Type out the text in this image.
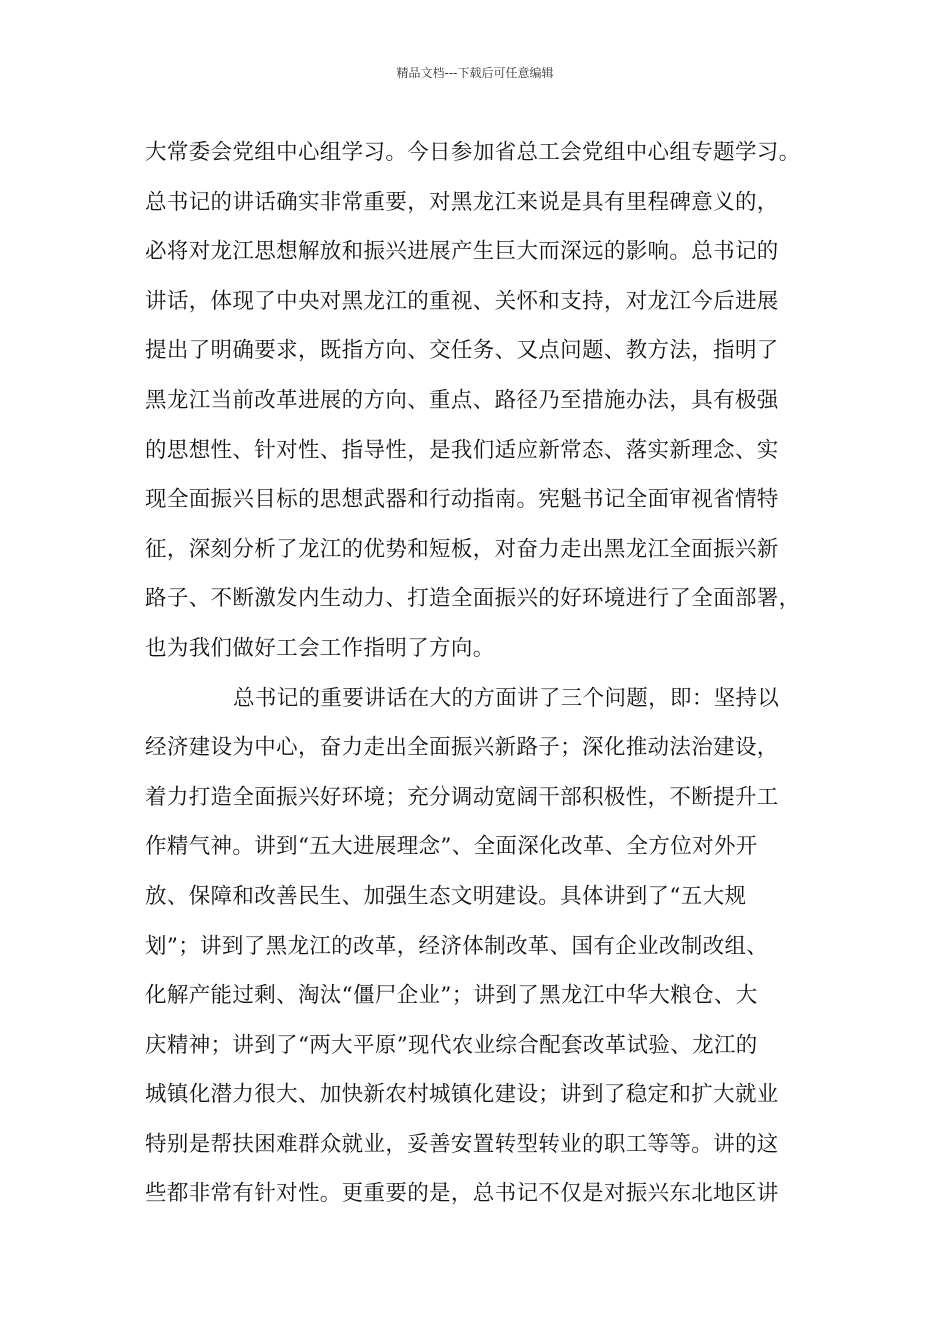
精品文档---下载后可任意编辑
大常委会党组中心组学习。今日参加省总工会党组中心组专题学习。
总书记的讲话确实非常重要，对黑龙江来说是具有里程碑意义的，
必将对龙江思想解放和振兴进展产生巨大而深远的影响。总书记的
讲话，体现了中央对黑龙江的重视、关怀和支持，对龙江今后进展
提出了明确要求，既指方向、交任务、又点问题、教方法，指明了
黑龙江当前改革进展的方向、重点、路径乃至措施办法，具有极强
的思想性、针对性、指导性，是我们适应新常态、落实新理念、实
现全面振兴目标的思想武器和行动指南。宪魁书记全面审视省情特
征，深刻分析了龙江的优势和短板，对奋力走出黑龙江全面振兴新
路子、不断激发内生动力、打造全面振兴的好环境进行了全面部署，
也为我们做好工会工作指明了方向。
总书记的重要讲话在大的方面讲了三个问题，即：坚持以
经济建设为中心，奋力走出全面振兴新路子；深化推动法治建设，
着力打造全面振兴好环境；充分调动宽阔干部积极性，不断提升工
作精气神。讲到“五大进展理念”、全面深化改革、全方位对外开
放、保障和改善民生、加强生态文明建设。具体讲到了“五大规
划”；讲到了黑龙江的改革，经济体制改革、国有企业改制改组、
化解产能过剩、淘汰“僵尸企业”；讲到了黑龙江中华大粮仓、大
庆精神；讲到了“两大平原”现代农业综合配套改革试验、龙江的
城镇化潜力很大、加快新农村城镇化建设；讲到了稳定和扩大就业
特别是帮扶困难群众就业，妥善安置转型转业的职工等等。讲的这
些都非常有针对性。更重要的是，总书记不仅是对振兴东北地区讲
